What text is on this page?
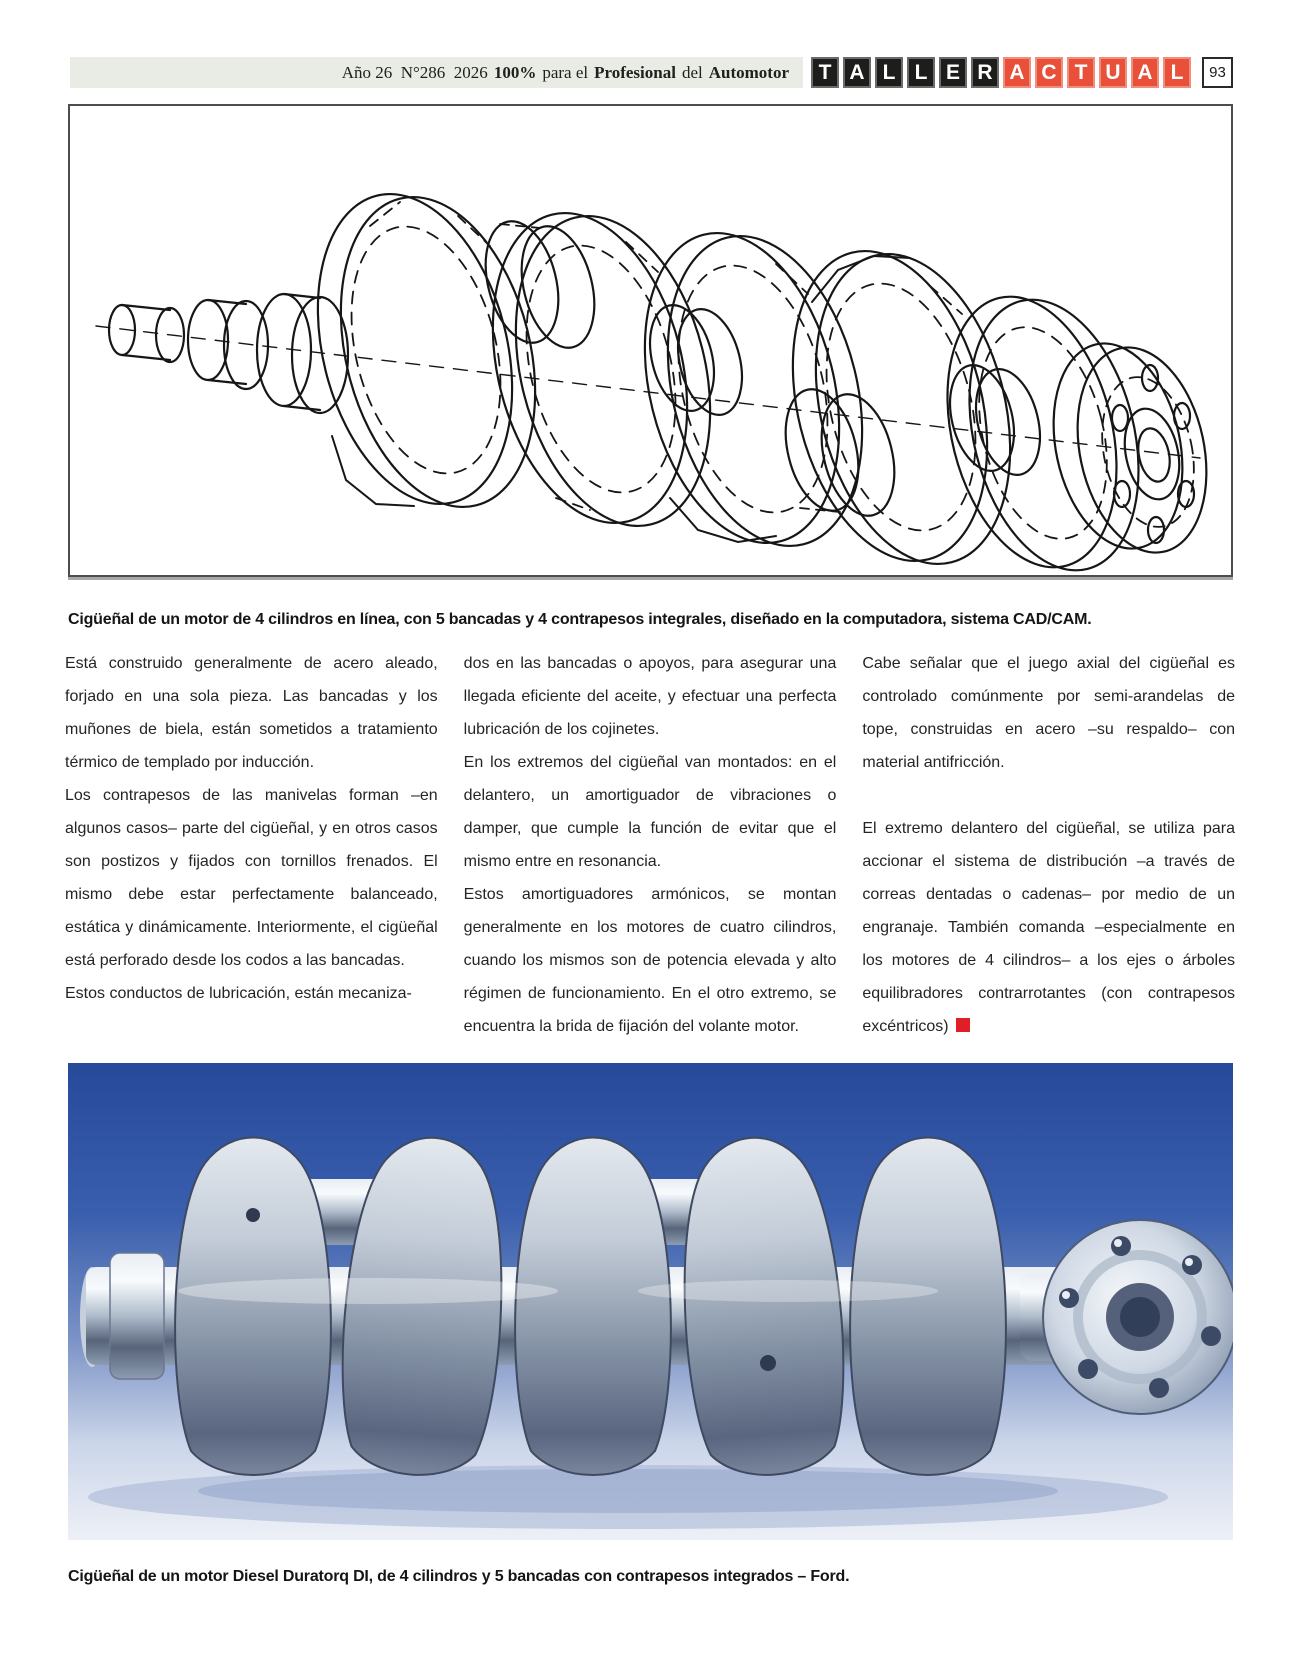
Año 26  N°286  2026 100% para el Profesional del Automotor	T A L L E R A C T U A L	93
Cigüeñal de un motor de 4 cilindros en línea, con 5 bancadas y 4 contrapesos integrales, diseñado en la computadora, sistema CAD/CAM.

Está construido generalmente de acero aleado, forjado en una sola pieza. Las bancadas y los muñones de biela, están sometidos a tratamiento térmico de templado por inducción.

Los contrapesos de las manivelas forman –en algunos casos– parte del cigüeñal, y en otros casos son postizos y fijados con tornillos frenados. El mismo debe estar perfectamente balanceado, estática y dinámicamente. Interiormente, el cigüeñal está perforado desde los codos a las bancadas.

Estos conductos de lubricación, están mecaniza-

dos en las bancadas o apoyos, para asegurar una llegada eficiente del aceite, y efectuar una perfecta lubricación de los cojinetes.

En los extremos del cigüeñal van montados: en el delantero, un amortiguador de vibraciones o damper, que cumple la función de evitar que el mismo entre en resonancia.

Estos amortiguadores armónicos, se montan generalmente en los motores de cuatro cilindros, cuando los mismos son de potencia elevada y alto régimen de funcionamiento. En el otro extremo, se encuentra la brida de fijación del volante motor.

Cabe señalar que el juego axial del cigüeñal es controlado comúnmente por semi-arandelas de tope, construidas en acero –su respaldo– con material antifricción.

El extremo delantero del cigüeñal, se utiliza para accionar el sistema de distribución –a través de correas dentadas o cadenas– por medio de un engranaje. También comanda –especialmente en los motores de 4 cilindros– a los ejes o árboles equilibradores contrarrotantes (con contrapesos excéntricos)

Cigüeñal de un motor Diesel Duratorq DI, de 4 cilindros y 5 bancadas con contrapesos integrados – Ford.
